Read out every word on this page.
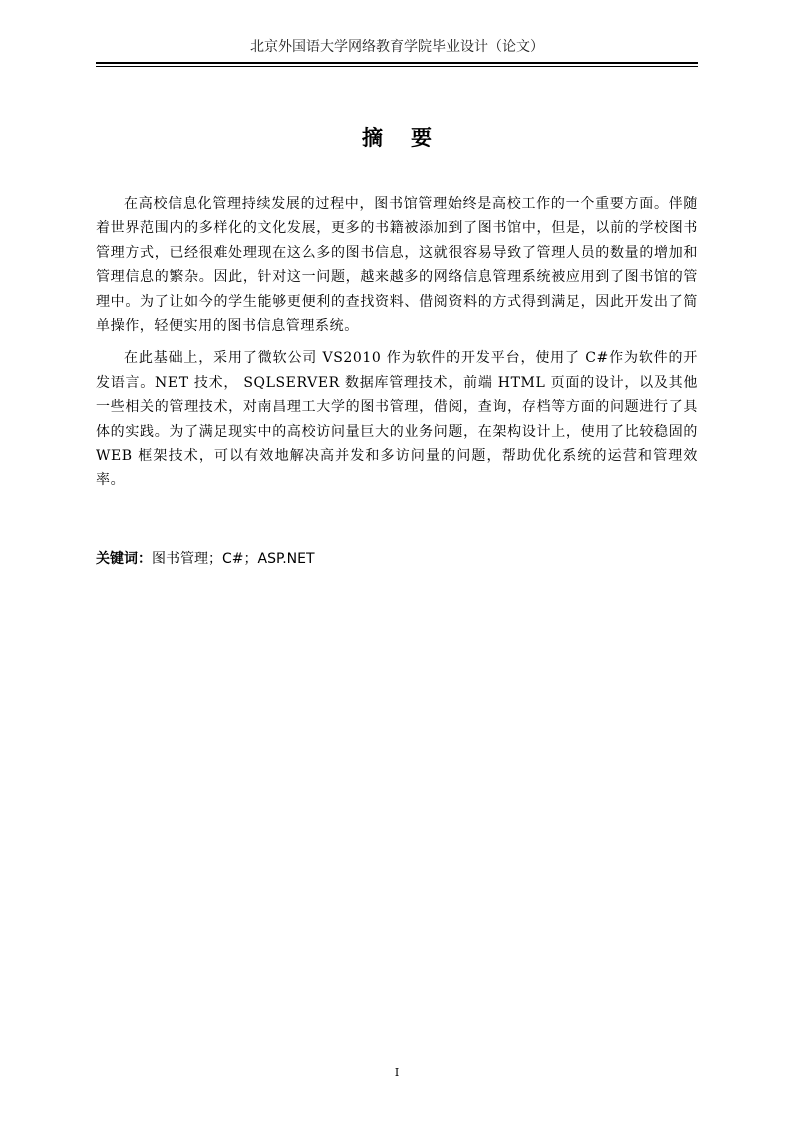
北京外国语大学网络教育学院毕业设计（论文）
摘要

在高校信息化管理持续发展的过程中，图书馆管理始终是高校工作的一个重要方面。伴随着世界范围内的多样化的文化发展，更多的书籍被添加到了图书馆中，但是，以前的学校图书管理方式，已经很难处理现在这么多的图书信息，这就很容易导致了管理人员的数量的增加和管理信息的繁杂。因此，针对这一问题，越来越多的网络信息管理系统被应用到了图书馆的管理中。为了让如今的学生能够更便利的查找资料、借阅资料的方式得到满足，因此开发出了简单操作，轻便实用的图书信息管理系统。

在此基础上，采用了微软公司 VS2010 作为软件的开发平台，使用了 C#作为软件的开发语言。NET 技术， SQLSERVER 数据库管理技术，前端 HTML 页面的设计，以及其他一些相关的管理技术，对南昌理工大学的图书管理，借阅，查询，存档等方面的问题进行了具体的实践。为了满足现实中的高校访问量巨大的业务问题，在架构设计上，使用了比较稳固的 WEB 框架技术，可以有效地解决高并发和多访问量的问题，帮助优化系统的运营和管理效率。

关键词：图书管理；C#；ASP.NET
I
